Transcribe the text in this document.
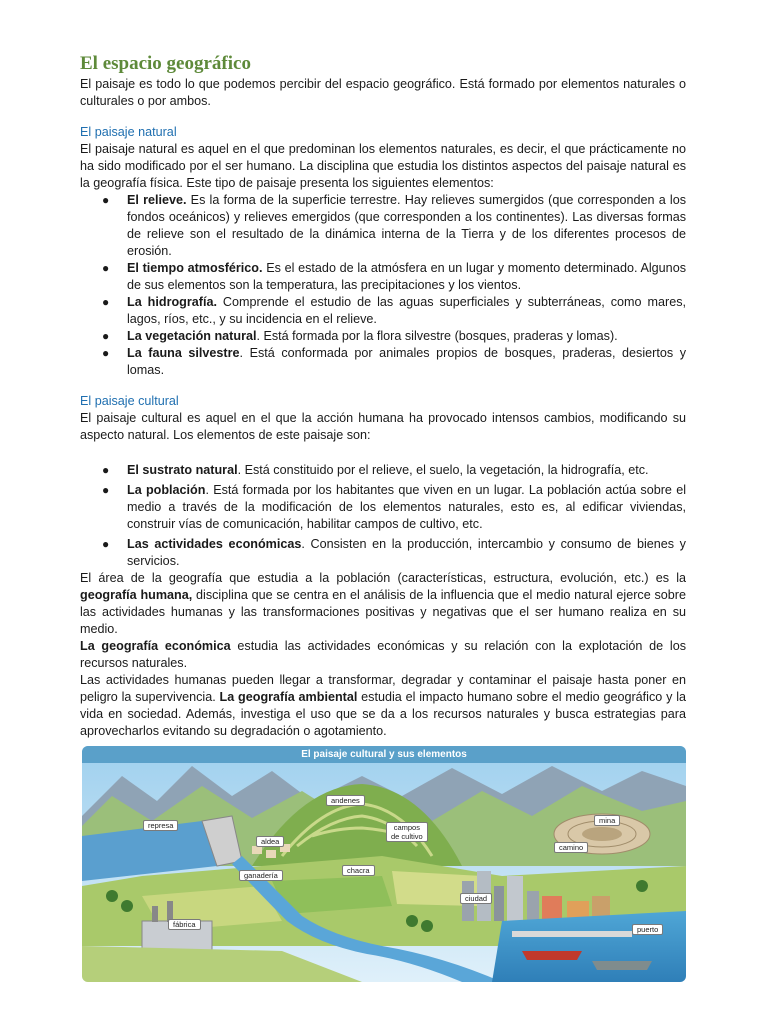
El espacio geográfico

El paisaje es todo lo que podemos percibir del espacio geográfico. Está formado por elementos naturales o culturales o por ambos.

El paisaje natural

El paisaje natural es aquel en el que predominan los elementos naturales, es decir, el que prácticamente no ha sido modificado por el ser humano. La disciplina que estudia los distintos aspectos del paisaje natural es la geografía física. Este tipo de paisaje presenta los siguientes elementos:

● El relieve. Es la forma de la superficie terrestre. Hay relieves sumergidos (que corresponden a los fondos oceánicos) y relieves emergidos (que corresponden a los continentes). Las diversas formas de relieve son el resultado de la dinámica interna de la Tierra y de los diferentes procesos de erosión.
● El tiempo atmosférico. Es el estado de la atmósfera en un lugar y momento determinado. Algunos de sus elementos son la temperatura, las precipitaciones y los vientos.
● La hidrografía. Comprende el estudio de las aguas superficiales y subterráneas, como mares, lagos, ríos, etc., y su incidencia en el relieve.
● La vegetación natural. Está formada por la flora silvestre (bosques, praderas y lomas).
● La fauna silvestre. Está conformada por animales propios de bosques, praderas, desiertos y lomas.
El paisaje cultural

El paisaje cultural es aquel en el que la acción humana ha provocado intensos cambios, modificando su aspecto natural. Los elementos de este paisaje son:

● El sustrato natural. Está constituido por el relieve, el suelo, la vegetación, la hidrografía, etc.
● La población. Está formada por los habitantes que viven en un lugar. La población actúa sobre el medio a través de la modificación de los elementos naturales, esto es, al edificar viviendas, construir vías de comunicación, habilitar campos de cultivo, etc.
● Las actividades económicas. Consisten en la producción, intercambio y consumo de bienes y servicios.

El área de la geografía que estudia a la población (características, estructura, evolución, etc.) es la geografía humana, disciplina que se centra en el análisis de la influencia que el medio natural ejerce sobre las actividades humanas y las transformaciones positivas y negativas que el ser humano realiza en su medio.

La geografía económica estudia las actividades económicas y su relación con la explotación de los recursos naturales.

Las actividades humanas pueden llegar a transformar, degradar y contaminar el paisaje hasta poner en peligro la supervivencia. La geografía ambiental estudia el impacto humano sobre el medio geográfico y la vida en sociedad. Además, investiga el uso que se da a los recursos naturales y busca estrategias para aprovecharlos evitando su degradación o agotamiento.

El paisaje cultural y sus elementos
andenes
represa	campos
de cultivo
aldea
mina
camino
ganadería
chacra
ciudad
fábrica
puerto
